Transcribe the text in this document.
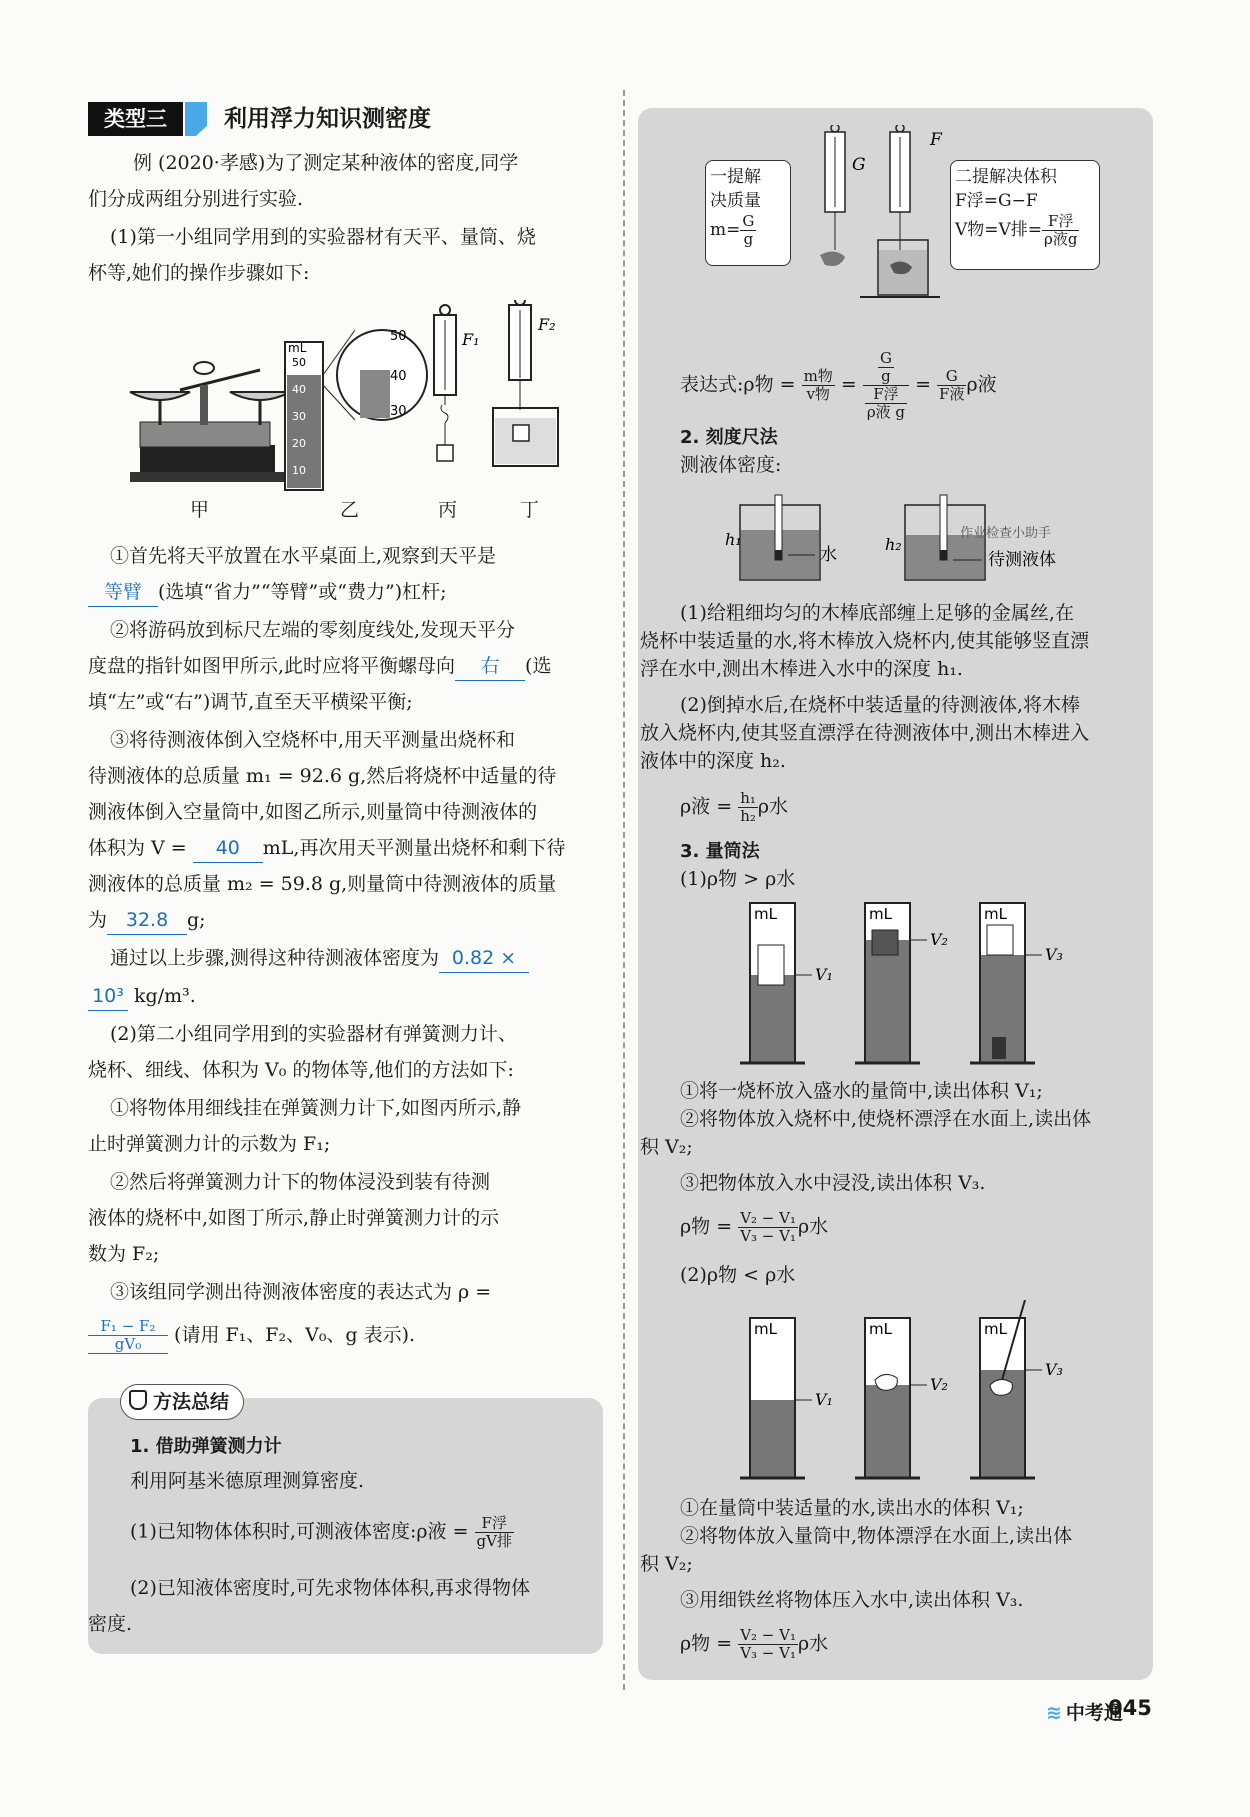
类型三	利用浮力知识测密度
例 (2020·孝感)为了测定某种液体的密度,同学
们分成两组分别进行实验.
(1)第一小组同学用到的实验器材有天平、量筒、烧
杯等,她们的操作步骤如下:
mL
50
40
30
20
10
50
40
30
F₁
F₂
甲	乙	丙	丁
①首先将天平放置在水平桌面上,观察到天平是
等臂 (选填“省力”“等臂”或“费力”)杠杆;
②将游码放到标尺左端的零刻度线处,发现天平分
度盘的指针如图甲所示,此时应将平衡螺母向 右 (选
填“左”或“右”)调节,直至天平横梁平衡;
③将待测液体倒入空烧杯中,用天平测量出烧杯和
待测液体的总质量 m₁ = 92.6 g,然后将烧杯中适量的待
测液体倒入空量筒中,如图乙所示,则量筒中待测液体的
体积为 V = 40 mL,再次用天平测量出烧杯和剩下待
测液体的总质量 m₂ = 59.8 g,则量筒中待测液体的质量
为 32.8 g;
通过以上步骤,测得这种待测液体密度为 0.82 ×
10³ kg/m³.
(2)第二小组同学用到的实验器材有弹簧测力计、
烧杯、细线、体积为 V₀ 的物体等,他们的方法如下:
①将物体用细线挂在弹簧测力计下,如图丙所示,静
止时弹簧测力计的示数为 F₁;
②然后将弹簧测力计下的物体浸没到装有待测
液体的烧杯中,如图丁所示,静止时弹簧测力计的示
数为 F₂;
③该组同学测出待测液体密度的表达式为 ρ =
$\frac{\text{F₁ − F₂}}{\text{gV₀}}$ (请用 F₁、F₂、V₀、g 表示).
方法总结
1. 借助弹簧测力计
利用阿基米德原理测算密度.
(1)已知物体体积时,可测液体密度:ρ液 = $\frac{\text{F浮}}{\text{gV排}}$
(2)已知液体密度时,可先求物体体积,再求得物体
密度.
一提解
决质量
$m= \frac{G}{g}$
二提解决体积
F浮=G−F
V物=V排= $\frac{\text{F浮}}{\text{ρ液g}}$
G
F
表达式:ρ物 = $\frac{\text{m物}}{\text{v物}} = \frac{\frac{G}{g}}{\frac{\text{F浮}}{\text{ρ液 g}}} = \frac{G}{\text{F液}}$ ρ液
2. 刻度尺法
测液体密度:
h₁
水
h₂
待测液体
作业检查小助手
(1)给粗细均匀的木棒底部缠上足够的金属丝,在
烧杯中装适量的水,将木棒放入烧杯内,使其能够竖直漂
浮在水中,测出木棒进入水中的深度 h₁.
(2)倒掉水后,在烧杯中装适量的待测液体,将木棒
放入烧杯内,使其竖直漂浮在待测液体中,测出木棒进入
液体中的深度 h₂.
ρ液 = $\frac{\text{h₁}}{\text{h₂}}$ ρ水
3. 量筒法
(1)ρ物 > ρ水
mL
V₁
mL
V₂
mL
V₃
①将一烧杯放入盛水的量筒中,读出体积 V₁;
②将物体放入烧杯中,使烧杯漂浮在水面上,读出体
积 V₂;
③把物体放入水中浸没,读出体积 V₃.
ρ物 = $\frac{\text{V₂ − V₁}}{\text{V₃ − V₁}}$ ρ水
(2)ρ物 < ρ水
mL
V₁
mL
V₂
mL
V₃
①在量筒中装适量的水,读出水的体积 V₁;
②将物体放入量筒中,物体漂浮在水面上,读出体
积 V₂;
③用细铁丝将物体压入水中,读出体积 V₃.
ρ物 = $\frac{\text{V₂ − V₁}}{\text{V₃ − V₁}}$ ρ水
≋ 中考通
045
